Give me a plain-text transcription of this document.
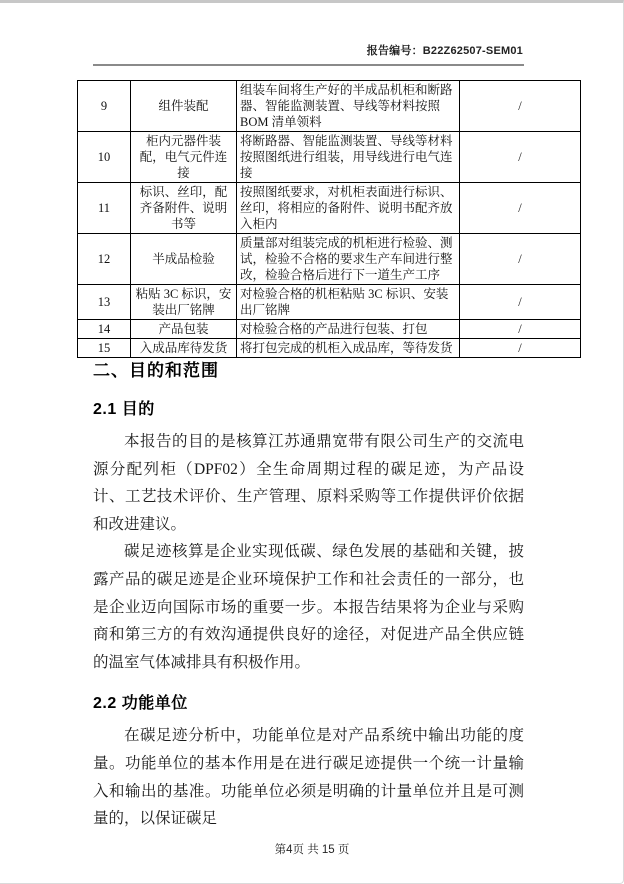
报告编号：B22Z62507-SEM01
9	组件装配	组装车间将生产好的半成品机柜和断路器、智能监测装置、导线等材料按照BOM 清单领料	/
10	柜内元器件装配，电气元件连接	将断路器、智能监测装置、导线等材料按照图纸进行组装，用导线进行电气连接	/
11	标识、丝印，配齐备附件、说明书等	按照图纸要求，对机柜表面进行标识、丝印，将相应的备附件、说明书配齐放入柜内	/
12	半成品检验	质量部对组装完成的机柜进行检验、测试，检验不合格的要求生产车间进行整改，检验合格后进行下一道生产工序	/
13	粘贴 3C 标识，安装出厂铭牌	对检验合格的机柜粘贴 3C 标识、安装出厂铭牌	/
14	产品包装	对检验合格的产品进行包装、打包	/
15	入成品库待发货	将打包完成的机柜入成品库，等待发货	/
二、目的和范围
2.1 目的

本报告的目的是核算江苏通鼎宽带有限公司生产的交流电源分配列柜（DPF02）全生命周期过程的碳足迹，为产品设计、工艺技术评价、生产管理、原料采购等工作提供评价依据和改进建议。

碳足迹核算是企业实现低碳、绿色发展的基础和关键，披露产品的碳足迹是企业环境保护工作和社会责任的一部分，也是企业迈向国际市场的重要一步。本报告结果将为企业与采购商和第三方的有效沟通提供良好的途径，对促进产品全供应链的温室气体减排具有积极作用。

2.2 功能单位

在碳足迹分析中，功能单位是对产品系统中输出功能的度量。功能单位的基本作用是在进行碳足迹提供一个统一计量输入和输出的基准。功能单位必须是明确的计量单位并且是可测量的，以保证碳足

第4页 共 15 页
